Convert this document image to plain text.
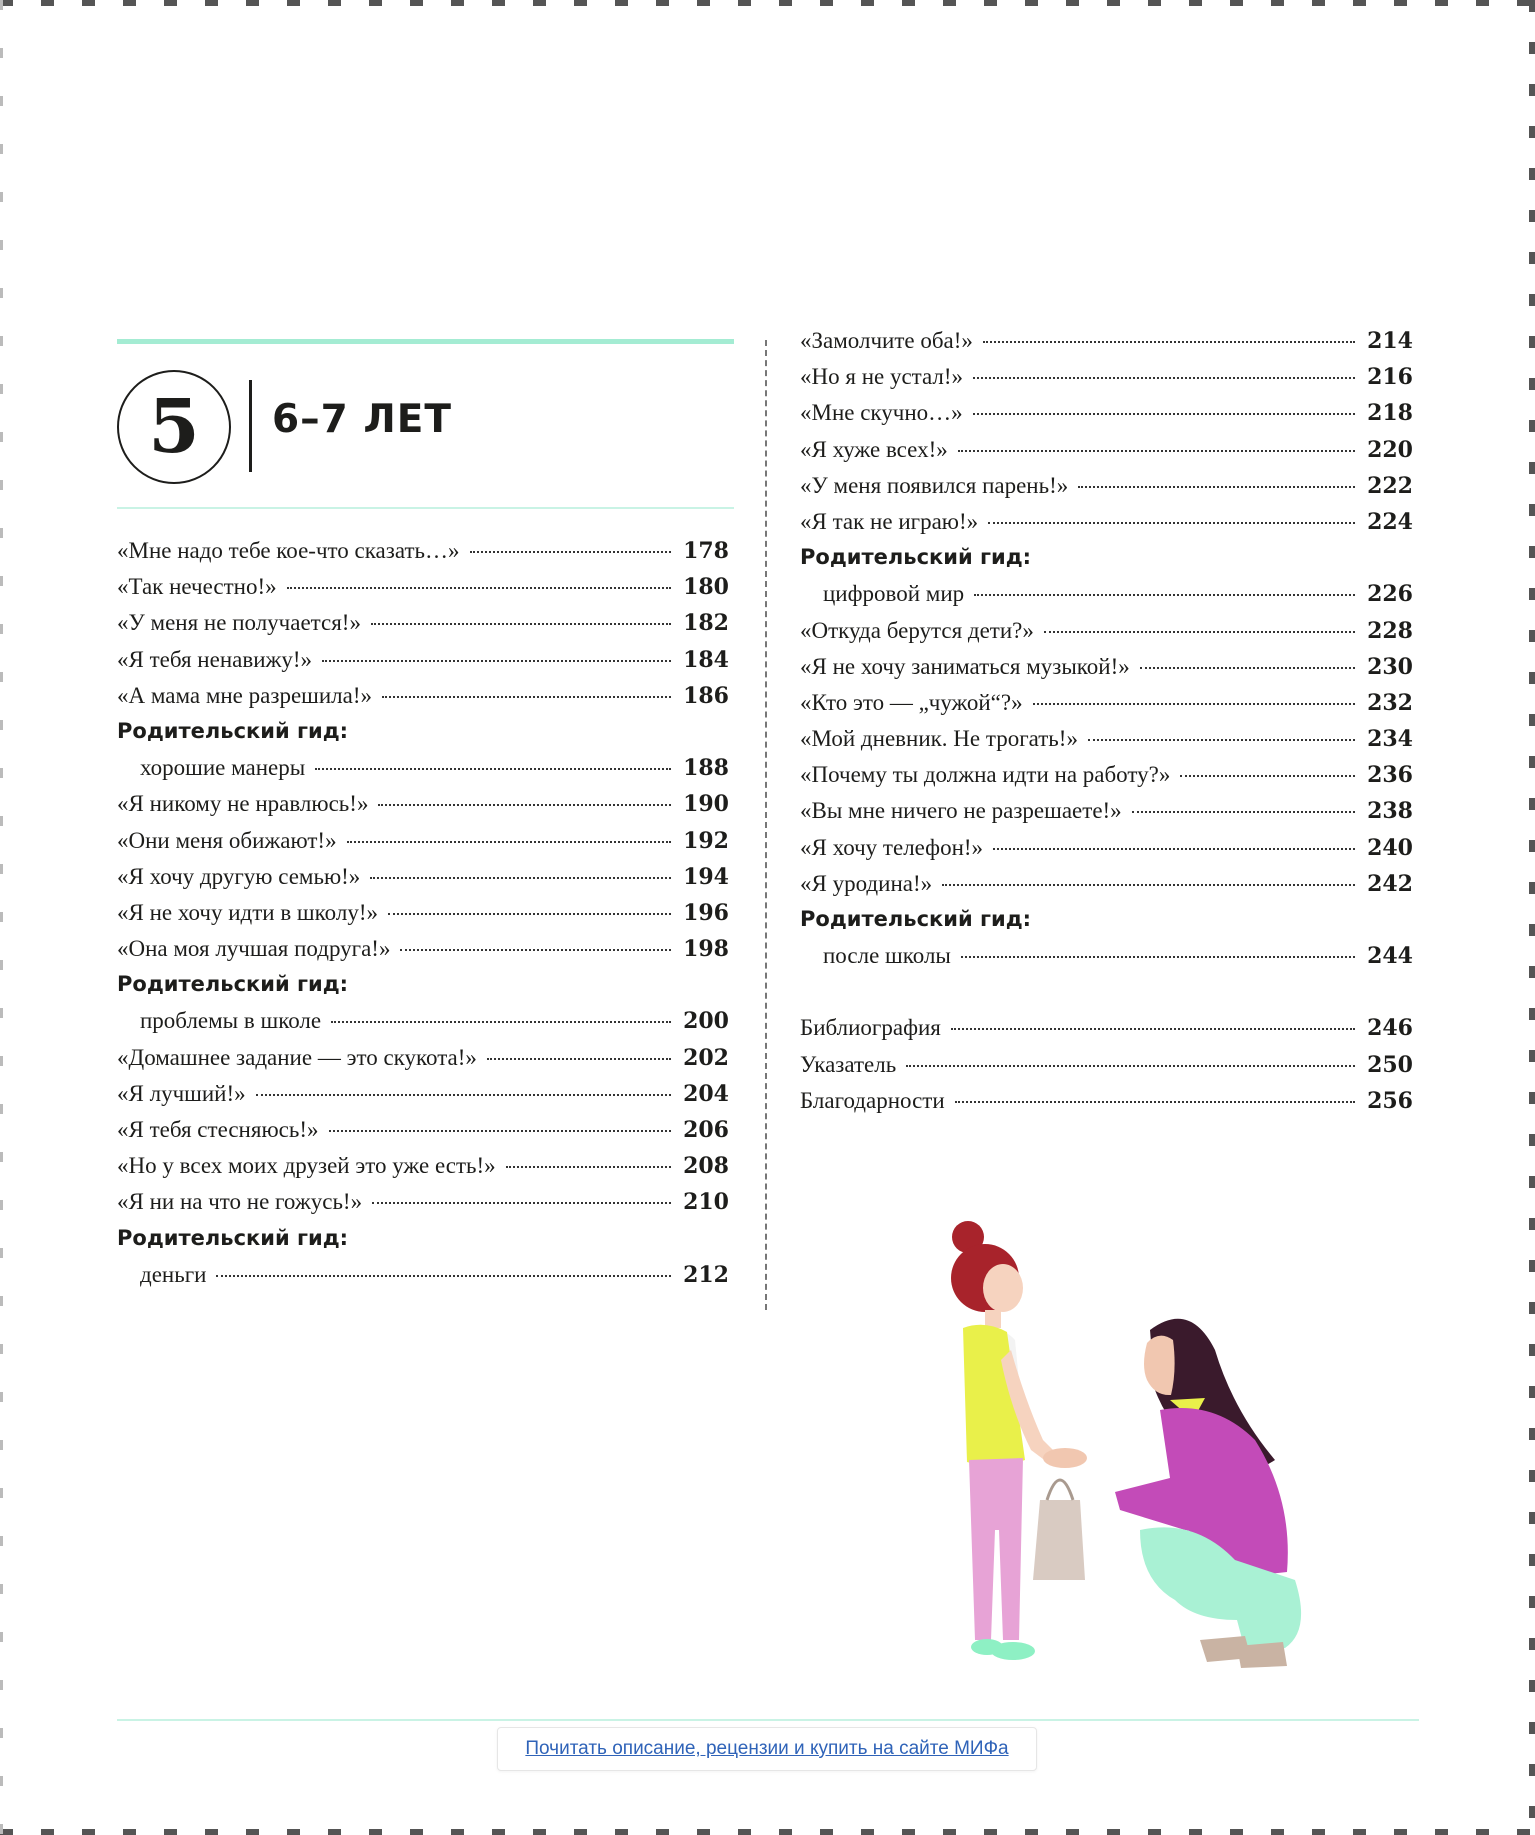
5	6–7 ЛЕТ
«Мне надо тебе кое-что сказать…»	178
«Так нечестно!»	180
«У меня не получается!»	182
«Я тебя ненавижу!»	184
«А мама мне разрешила!»	186
Родительский гид:
хорошие манеры	188
«Я никому не нравлюсь!»	190
«Они меня обижают!»	192
«Я хочу другую семью!»	194
«Я не хочу идти в школу!»	196
«Она моя лучшая подруга!»	198
Родительский гид:
проблемы в школе	200
«Домашнее задание — это скукота!»	202
«Я лучший!»	204
«Я тебя стесняюсь!»	206
«Но у всех моих друзей это уже есть!»	208
«Я ни на что не гожусь!»	210
Родительский гид:
деньги	212
«Замолчите оба!»	214
«Но я не устал!»	216
«Мне скучно…»	218
«Я хуже всех!»	220
«У меня появился парень!»	222
«Я так не играю!»	224
Родительский гид:
цифровой мир	226
«Откуда берутся дети?»	228
«Я не хочу заниматься музыкой!»	230
«Кто это — „чужой“?»	232
«Мой дневник. Не трогать!»	234
«Почему ты должна идти на работу?»	236
«Вы мне ничего не разрешаете!»	238
«Я хочу телефон!»	240
«Я уродина!»	242
Родительский гид:
после школы	244
Библиография	246
Указатель	250
Благодарности	256
Почитать описание, рецензии и купить на сайте МИФа
